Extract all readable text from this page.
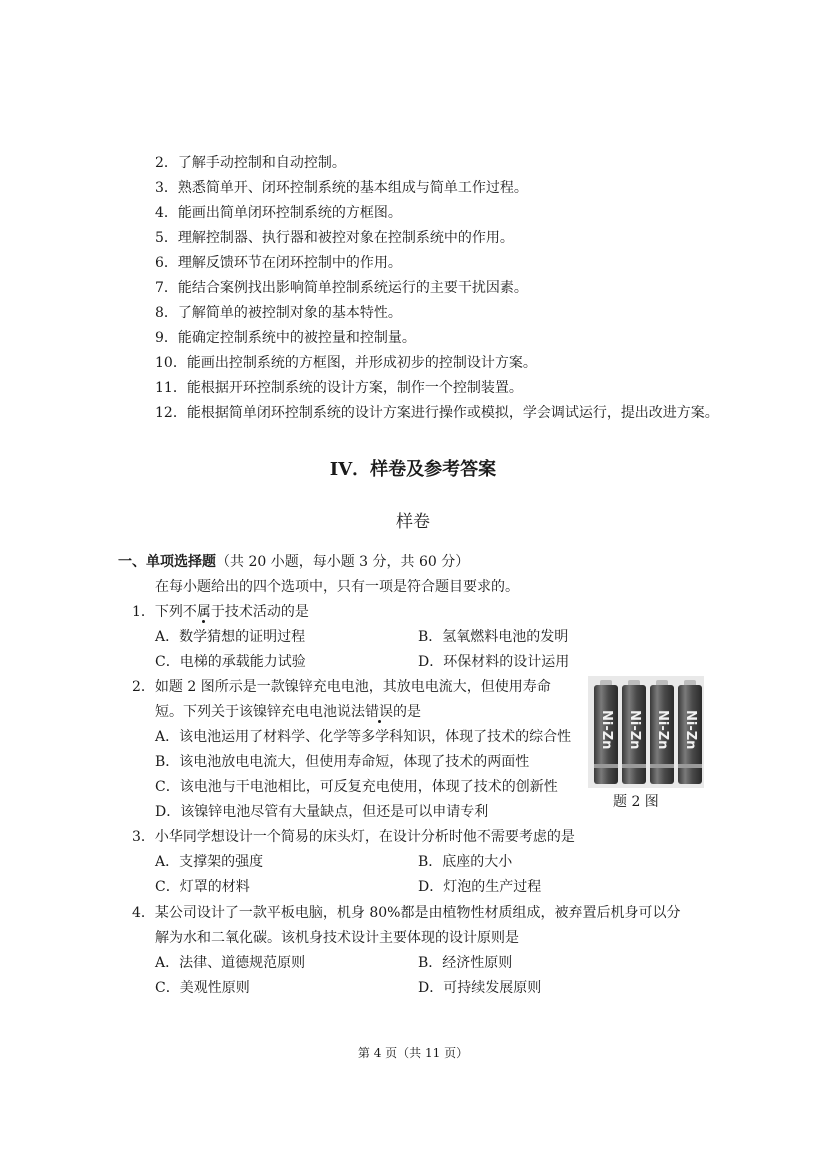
2．了解手动控制和自动控制。
3．熟悉简单开、闭环控制系统的基本组成与简单工作过程。
4．能画出简单闭环控制系统的方框图。
5．理解控制器、执行器和被控对象在控制系统中的作用。
6．理解反馈环节在闭环控制中的作用。
7．能结合案例找出影响简单控制系统运行的主要干扰因素。
8．了解简单的被控制对象的基本特性。
9．能确定控制系统中的被控量和控制量。
10．能画出控制系统的方框图，并形成初步的控制设计方案。
11．能根据开环控制系统的设计方案，制作一个控制装置。
12．能根据简单闭环控制系统的设计方案进行操作或模拟，学会调试运行，提出改进方案。
IV．样卷及参考答案
样卷
一、单项选择题（共 20 小题，每小题 3 分，共 60 分）
在每小题给出的四个选项中，只有一项是符合题目要求的。
1．下列不属于技术活动的是
A．数学猜想的证明过程	B．氢氧燃料电池的发明
C．电梯的承载能力试验	D．环保材料的设计运用
2．如题 2 图所示是一款镍锌充电电池，其放电电流大，但使用寿命
短。下列关于该镍锌充电电池说法错误的是
A．该电池运用了材料学、化学等多学科知识，体现了技术的综合性
B．该电池放电电流大，但使用寿命短，体现了技术的两面性
C．该电池与干电池相比，可反复充电使用，体现了技术的创新性
D．该镍锌电池尽管有大量缺点，但还是可以申请专利
Ni-Zn Ni-Zn Ni-Zn Ni-Zn
题 2 图
3．小华同学想设计一个简易的床头灯，在设计分析时他不需要考虑的是
A．支撑架的强度	B．底座的大小
C．灯罩的材料	D．灯泡的生产过程
4．某公司设计了一款平板电脑，机身 80%都是由植物性材质组成，被弃置后机身可以分
解为水和二氧化碳。该机身技术设计主要体现的设计原则是
A．法律、道德规范原则	B．经济性原则
C．美观性原则	D．可持续发展原则
第 4 页（共 11 页）
